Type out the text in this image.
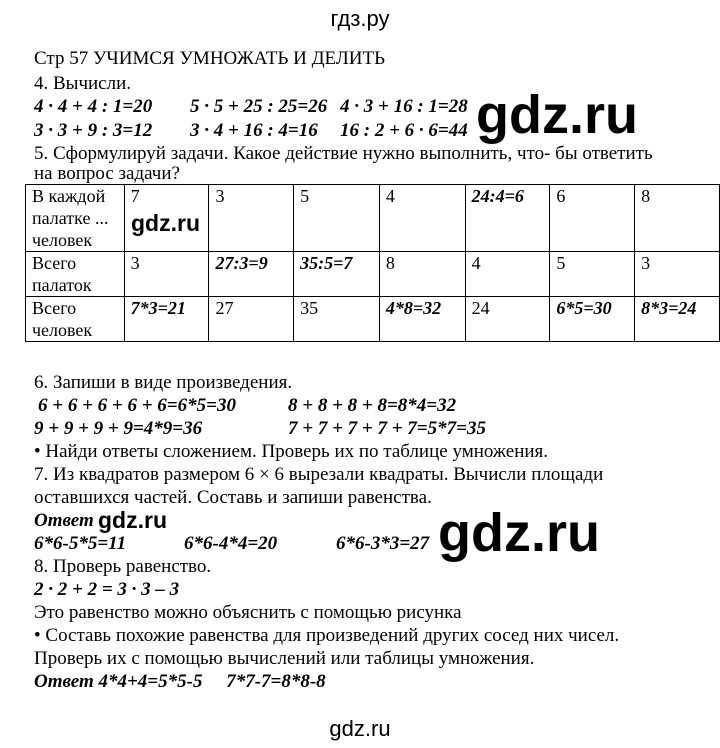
гдз.ру
Стр 57 УЧИМСЯ УМНОЖАТЬ И ДЕЛИТЬ
4. Вычисли.
4 · 4 + 4 : 1=20 5 · 5 + 25 : 25=26 4 · 3 + 16 : 1=28
3 · 3 + 9 : 3=12 3 · 4 + 16 : 4=16 16 : 2 + 6 · 6=44 gdz.ru
5. Сформулируй задачи. Какое действие нужно выполнить, что- бы ответить
на вопрос задачи?
В каждой
палатке ...
человек	7	3	5	4	24:4=6	6	8

Всего
палаток	3	27:3=9	35:5=7	8	4	5	3

Всего
человек	7*3=21	27	35	4*8=32	24	6*5=30	8*3=24
gdz.ru
6. Запиши в виде произведения.
6 + 6 + 6 + 6 + 6=6*5=30	8 + 8 + 8 + 8=8*4=32
9 + 9 + 9 + 9=4*9=36	7 + 7 + 7 + 7 + 7=5*7=35
• Найди ответы сложением. Проверь их по таблице умножения.
7. Из квадратов размером 6 × 6 вырезали квадраты. Вычисли площади
оставшихся частей. Составь и запиши равенства.
Ответ gdz.ru
6*6-5*5=11	6*6-4*4=20	6*6-3*3=27 gdz.ru
8. Проверь равенство.
2 · 2 + 2 = 3 · 3 – 3
Это равенство можно объяснить с помощью рисунка
• Составь похожие равенства для произведений других сосед них чисел.
Проверь их с помощью вычислений или таблицы умножения.
Ответ 4*4+4=5*5-5     7*7-7=8*8-8
gdz.ru
